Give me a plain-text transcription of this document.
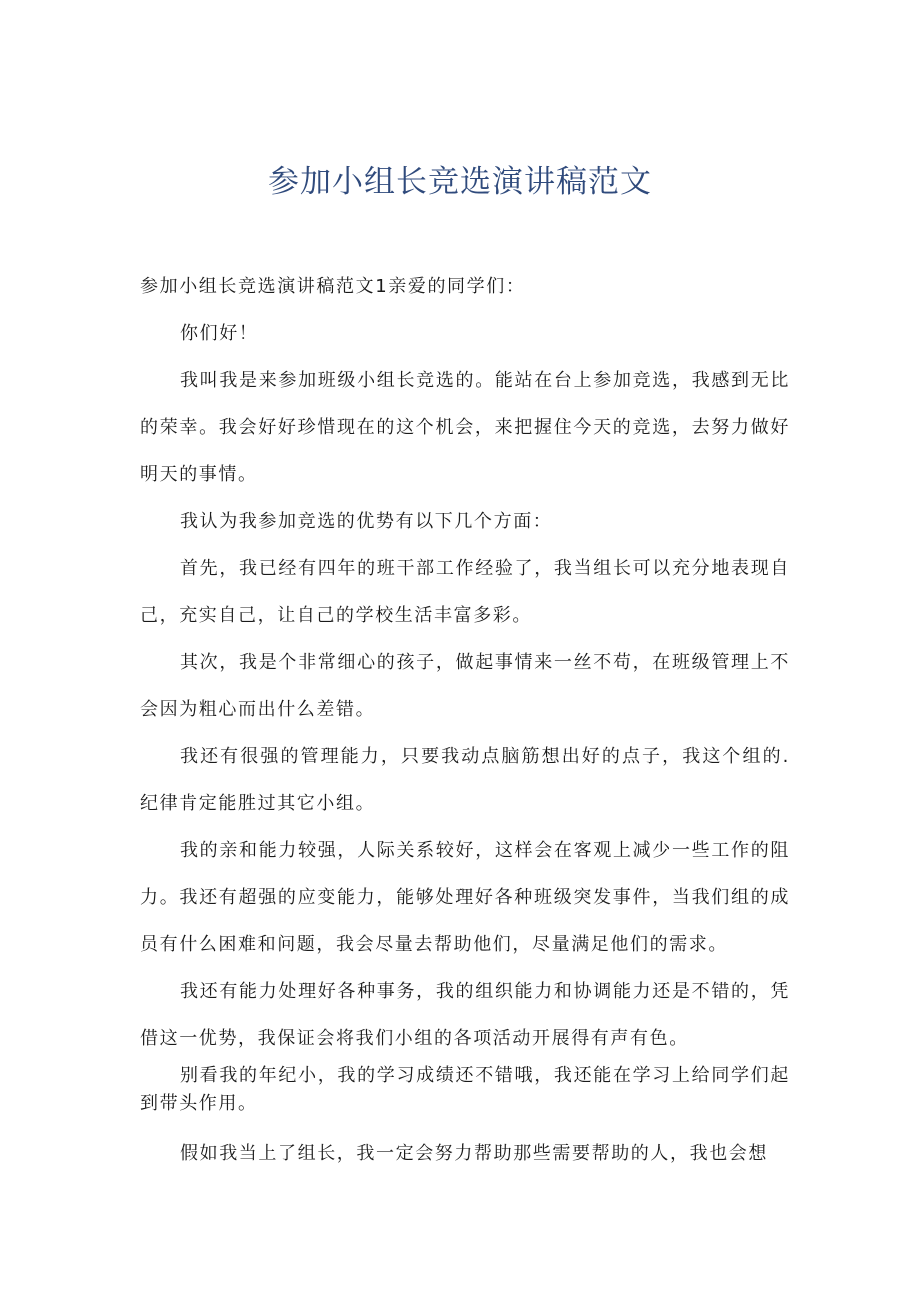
参加小组长竞选演讲稿范文

参加小组长竞选演讲稿范文1亲爱的同学们：

你们好！

我叫我是来参加班级小组长竞选的。能站在台上参加竞选，我感到无比的荣幸。我会好好珍惜现在的这个机会，来把握住今天的竞选，去努力做好明天的事情。

我认为我参加竞选的优势有以下几个方面：

首先，我已经有四年的班干部工作经验了，我当组长可以充分地表现自己，充实自己，让自己的学校生活丰富多彩。

其次，我是个非常细心的孩子，做起事情来一丝不苟，在班级管理上不会因为粗心而出什么差错。

我还有很强的管理能力，只要我动点脑筋想出好的点子，我这个组的.纪律肯定能胜过其它小组。

我的亲和能力较强，人际关系较好，这样会在客观上减少一些工作的阻力。我还有超强的应变能力，能够处理好各种班级突发事件，当我们组的成员有什么困难和问题，我会尽量去帮助他们，尽量满足他们的需求。

我还有能力处理好各种事务，我的组织能力和协调能力还是不错的，凭借这一优势，我保证会将我们小组的各项活动开展得有声有色。

别看我的年纪小，我的学习成绩还不错哦，我还能在学习上给同学们起到带头作用。

假如我当上了组长，我一定会努力帮助那些需要帮助的人，我也会想
